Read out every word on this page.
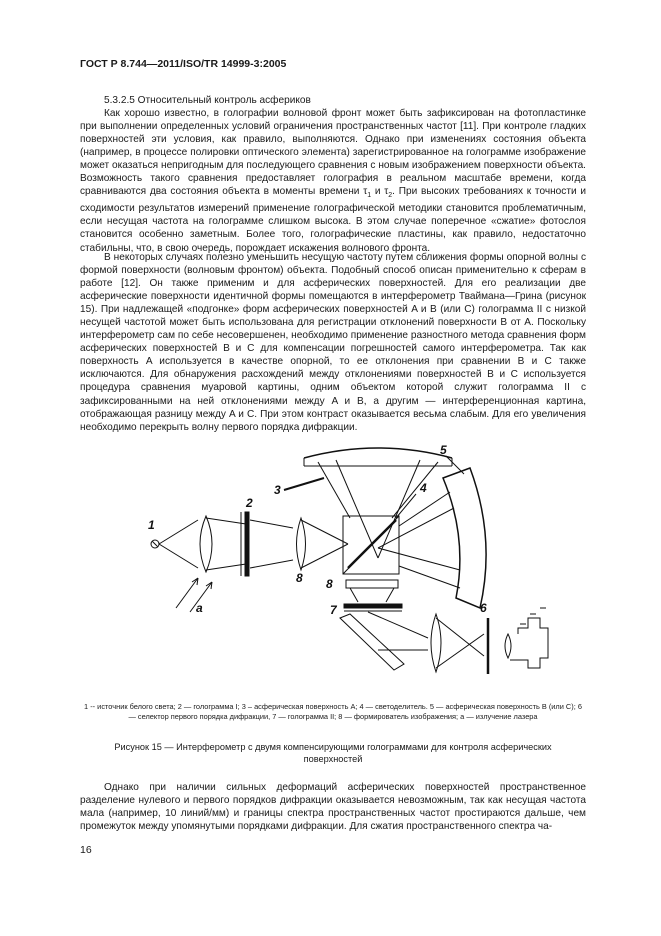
ГОСТ Р 8.744—2011/ISO/TR 14999-3:2005

5.3.2.5 Относительный контроль асфериков

Как хорошо известно, в голографии волновой фронт может быть зафиксирован на фотопластинке при выполнении определенных условий ограничения пространственных частот [11]. При контроле гладких поверхностей эти условия, как правило, выполняются. Однако при изменениях состояния объекта (например, в процессе полировки оптического элемента) зарегистрированное на голограмме изображение может оказаться непригодным для последующего сравнения с новым изображением поверхности объекта. Возможность такого сравнения предоставляет голография в реальном масштабе времени, когда сравниваются два состояния объекта в моменты времени $\tau_1$ и $\tau_2$. При высоких требованиях к точности и сходимости результатов измерений применение голографической методики становится проблематичным, если несущая частота на голограмме слишком высока. В этом случае поперечное «сжатие» фотослоя становится особенно заметным. Более того, голографические пластины, как правило, недостаточно стабильны, что, в свою очередь, порождает искажения волнового фронта.

В некоторых случаях полезно уменьшить несущую частоту путем сближения формы опорной волны с формой поверхности (волновым фронтом) объекта. Подобный способ описан применительно к сферам в работе [12]. Он также применим и для асферических поверхностей. Для его реализации две асферические поверхности идентичной формы помещаются в интерферометр Тваймана—Грина (рисунок 15). При надлежащей «подгонке» форм асферических поверхностей A и B (или C) голограмма II с низкой несущей частотой может быть использована для регистрации отклонений поверхности B от A. Поскольку интерферометр сам по себе несовершенен, необходимо применение разностного метода сравнения форм асферических поверхностей B и C для компенсации погрешностей самого интерферометра. Так как поверхность A используется в качестве опорной, то ее отклонения при сравнении B и C также исключаются. Для обнаружения расхождений между отклонениями поверхностей B и C используется процедура сравнения муаровой картины, одним объектом которой служит голограмма II с зафиксированными на ней отклонениями между A и B, а другим — интерференционная картина, отображающая разницу между A и C. При этом контраст оказывается весьма слабым. Для его увеличения необходимо перекрыть волну первого порядка дифракции.

1
2
3	4
5
6
7
8
8
a
1 -- источник белого света; 2 — голограмма I; 3 – асферическая поверхность A; 4 — светоделитель. 5 — асферическая поверхность B (или C); 6 — селектор первого порядка дифракции, 7 — голограмма II; 8 — формирователь изображения; a — излучение лазера
Рисунок 15 — Интерферометр с двумя компенсирующими голограммами для контроля асферических поверхностей

Однако при наличии сильных деформаций асферических поверхностей пространственное разделение нулевого и первого порядков дифракции оказывается невозможным, так как несущая частота мала (например, 10 линий/мм) и границы спектра пространственных частот простираются дальше, чем промежуток между упомянутыми порядками дифракции. Для сжатия пространственного спектра ча-

16
